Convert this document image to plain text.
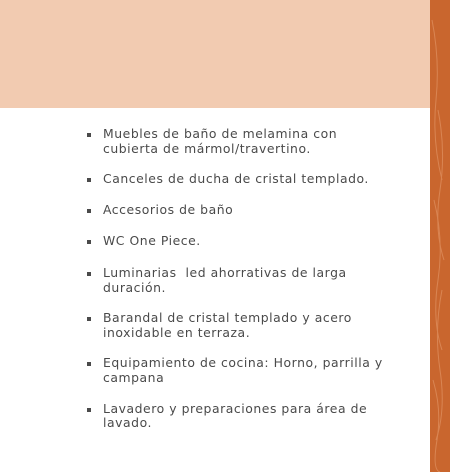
Muebles de baño de melamina con cubierta de mármol/travertino.
Canceles de ducha de cristal templado.
Accesorios de baño
WC One Piece.
Luminarias  led ahorrativas de larga duración.
Barandal de cristal templado y acero inoxidable en terraza.
Equipamiento de cocina: Horno, parrilla y campana
Lavadero y preparaciones para área de lavado.
